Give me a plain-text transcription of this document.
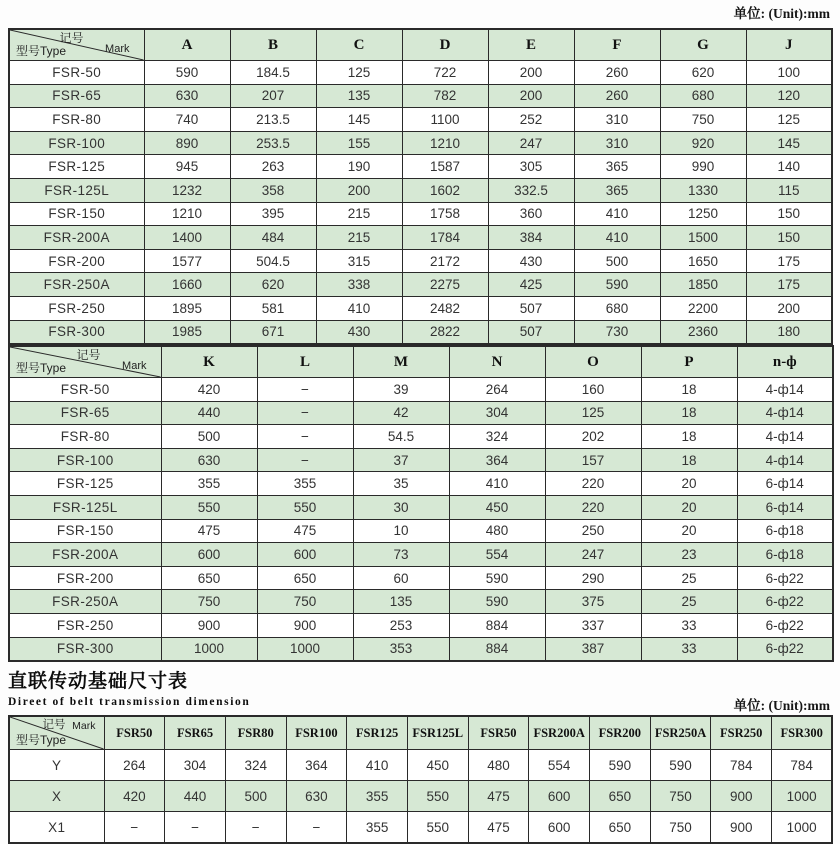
单位: (Unit):mm
记号
Mark
型号Type	A	B	C	D	E	F	G	J
FSR-50	590	184.5	125	722	200	260	620	100
FSR-65	630	207	135	782	200	260	680	120
FSR-80	740	213.5	145	1100	252	310	750	125
FSR-100	890	253.5	155	1210	247	310	920	145
FSR-125	945	263	190	1587	305	365	990	140
FSR-125L	1232	358	200	1602	332.5	365	1330	115
FSR-150	1210	395	215	1758	360	410	1250	150
FSR-200A	1400	484	215	1784	384	410	1500	150
FSR-200	1577	504.5	315	2172	430	500	1650	175
FSR-250A	1660	620	338	2275	425	590	1850	175
FSR-250	1895	581	410	2482	507	680	2200	200
FSR-300	1985	671	430	2822	507	730	2360	180
记号
Mark
型号Type	K	L	M	N	O	P	n-ф
FSR-50	420	−	39	264	160	18	4-ф14
FSR-65	440	−	42	304	125	18	4-ф14
FSR-80	500	−	54.5	324	202	18	4-ф14
FSR-100	630	−	37	364	157	18	4-ф14
FSR-125	355	355	35	410	220	20	6-ф14
FSR-125L	550	550	30	450	220	20	6-ф14
FSR-150	475	475	10	480	250	20	6-ф18
FSR-200A	600	600	73	554	247	23	6-ф18
FSR-200	650	650	60	590	290	25	6-ф22
FSR-250A	750	750	135	590	375	25	6-ф22
FSR-250	900	900	253	884	337	33	6-ф22
FSR-300	1000	1000	353	884	387	33	6-ф22
直联传动基础尺寸表
Direet of belt transmission dimension	单位: (Unit):mm
记号 Mark
型号Type	FSR50	FSR65	FSR80	FSR100	FSR125	FSR125L	FSR50	FSR200A	FSR200	FSR250A	FSR250	FSR300
Y	264	304	324	364	410	450	480	554	590	590	784	784
X	420	440	500	630	355	550	475	600	650	750	900	1000
X1	−	−	−	−	355	550	475	600	650	750	900	1000
